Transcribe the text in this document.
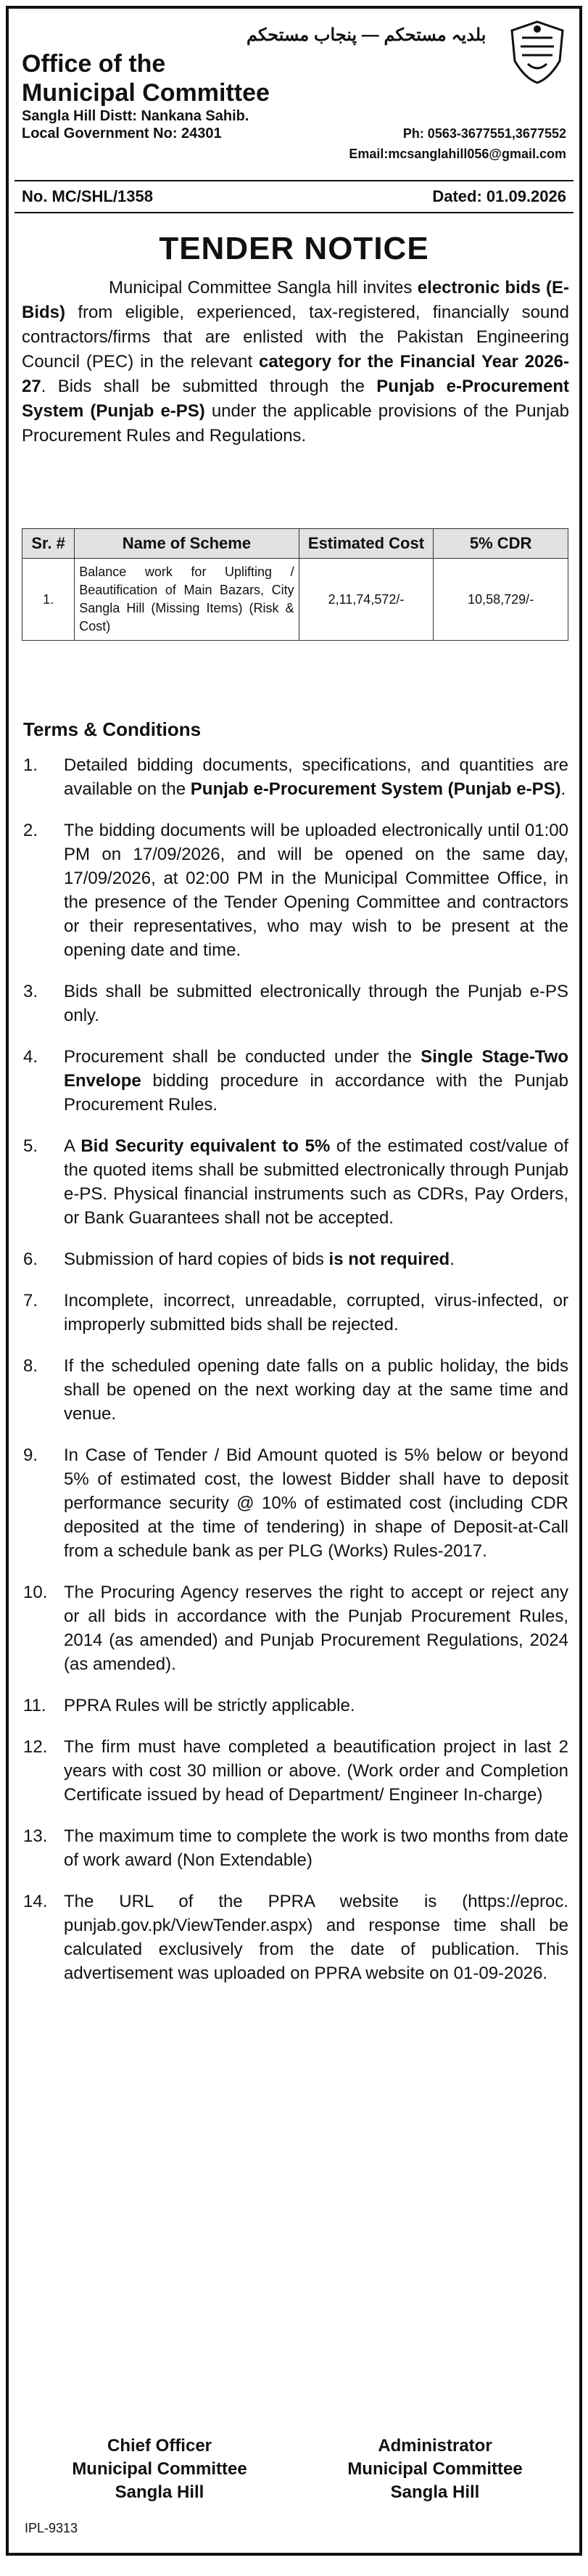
بلدیہ مستحکم — پنجاب مستحکم
Office of the
Municipal Committee
Sangla Hill Distt: Nankana Sahib.
Local Government No: 24301	Ph: 0563-3677551,3677552
Email:mcsanglahill056@gmail.com
No. MC/SHL/1358	Dated: 01.09.2026
TENDER NOTICE

Municipal Committee Sangla hill invites electronic bids (E-Bids) from eligible, experienced, tax-registered, financially sound contractors/firms that are enlisted with the Pakistan Engineering Council (PEC) in the relevant category for the Financial Year 2026-27. Bids shall be submitted through the Punjab e-Procurement System (Punjab e-PS) under the applicable provisions of the Punjab Procurement Rules and Regulations.

Sr. #	Name of Scheme	Estimated Cost	5% CDR
1.	Balance work for Uplifting / Beautification of Main Bazars, City Sangla Hill (Missing Items) (Risk & Cost)	2,11,74,572/-	10,58,729/-
Terms & Conditions
1.	Detailed bidding documents, specifications, and quantities are available on the Punjab e-Procurement System (Punjab e-PS).
2.	The bidding documents will be uploaded electronically until 01:00 PM on 17/09/2026, and will be opened on the same day, 17/09/2026, at 02:00 PM in the Municipal Committee Office, in the presence of the Tender Opening Committee and contractors or their representatives, who may wish to be present at the opening date and time.
3.	Bids shall be submitted electronically through the Punjab e-PS only.
4.	Procurement shall be conducted under the Single Stage-Two Envelope bidding procedure in accordance with the Punjab Procurement Rules.
5.	A Bid Security equivalent to 5% of the estimated cost/value of the quoted items shall be submitted electronically through Punjab e-PS. Physical financial instruments such as CDRs, Pay Orders, or Bank Guarantees shall not be accepted.
6.	Submission of hard copies of bids is not required.
7.	Incomplete, incorrect, unreadable, corrupted, virus-infected, or improperly submitted bids shall be rejected.
8.	If the scheduled opening date falls on a public holiday, the bids shall be opened on the next working day at the same time and venue.
9.	In Case of Tender / Bid Amount quoted is 5% below or beyond 5% of estimated cost, the lowest Bidder shall have to deposit performance security @ 10% of estimated cost (including CDR deposited at the time of tendering) in shape of Deposit-at-Call from a schedule bank as per PLG (Works) Rules-2017.
10. The Procuring Agency reserves the right to accept or reject any or all bids in accordance with the Punjab Procurement Rules, 2014 (as amended) and Punjab Procurement Regulations, 2024 (as amended).
11.	PPRA Rules will be strictly applicable.
12. The firm must have completed a beautification project in last 2 years with cost 30 million or above. (Work order and Completion Certificate issued by head of Department/ Engineer In-charge)
13. The maximum time to complete the work is two months from date of work award (Non Extendable)
14. The URL of the PPRA website is (https://eproc. punjab.gov.pk/ViewTender.aspx) and response time shall be calculated exclusively from the date of publication. This advertisement was uploaded on PPRA website on 01-09-2026.
Chief Officer
Municipal Committee
Sangla Hill
Administrator
Municipal Committee
Sangla Hill
IPL-9313
